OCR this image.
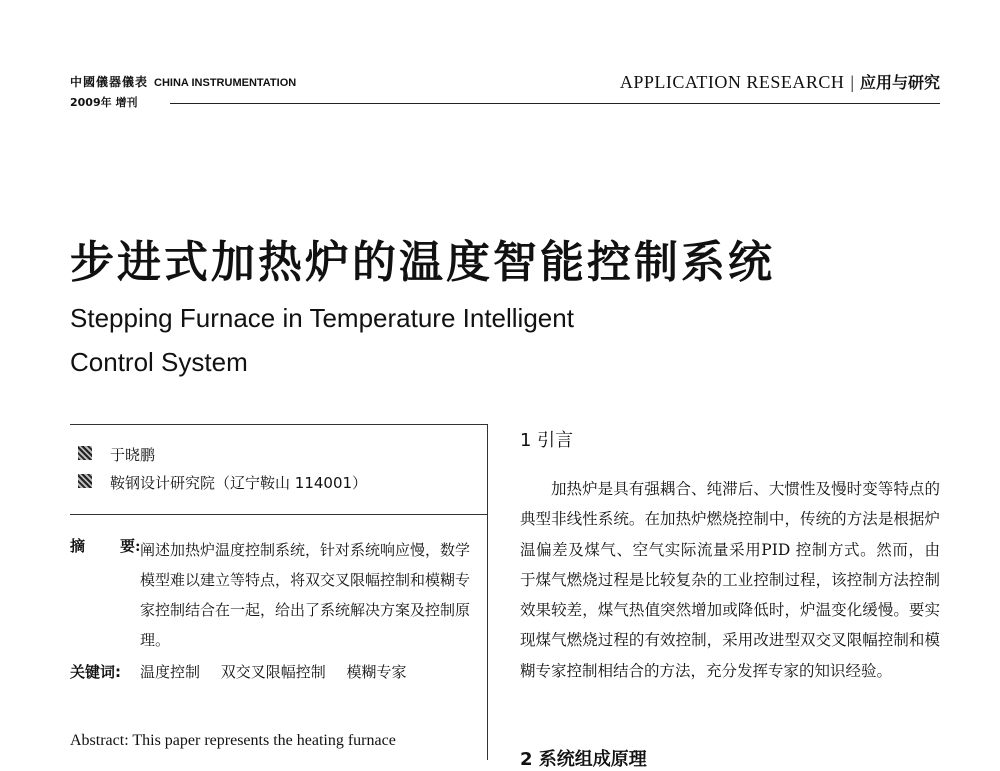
中國儀器儀表 CHINA INSTRUMENTATION
2009年 增刊
APPLICATION RESEARCH | 应用与研究
步进式加热炉的温度智能控制系统
Stepping Furnace in Temperature Intelligent
Control System
于晓鹏
鞍钢设计研究院（辽宁鞍山 114001）
摘 要: 阐述加热炉温度控制系统，针对系统响应慢，数学模型难以建立等特点，将双交叉限幅控制和模糊专家控制结合在一起，给出了系统解决方案及控制原理。
关键词: 温度控制 双交叉限幅控制 模糊专家
Abstract: This paper represents the heating furnace
1 引言
加热炉是具有强耦合、纯滞后、大惯性及慢时变等特点的典型非线性系统。在加热炉燃烧控制中，传统的方法是根据炉温偏差及煤气、空气实际流量采用PID 控制方式。然而，由于煤气燃烧过程是比较复杂的工业控制过程，该控制方法控制效果较差，煤气热值突然增加或降低时，炉温变化缓慢。要实现煤气燃烧过程的有效控制，采用改进型双交叉限幅控制和模糊专家控制相结合的方法，充分发挥专家的知识经验。
2 系统组成原理
